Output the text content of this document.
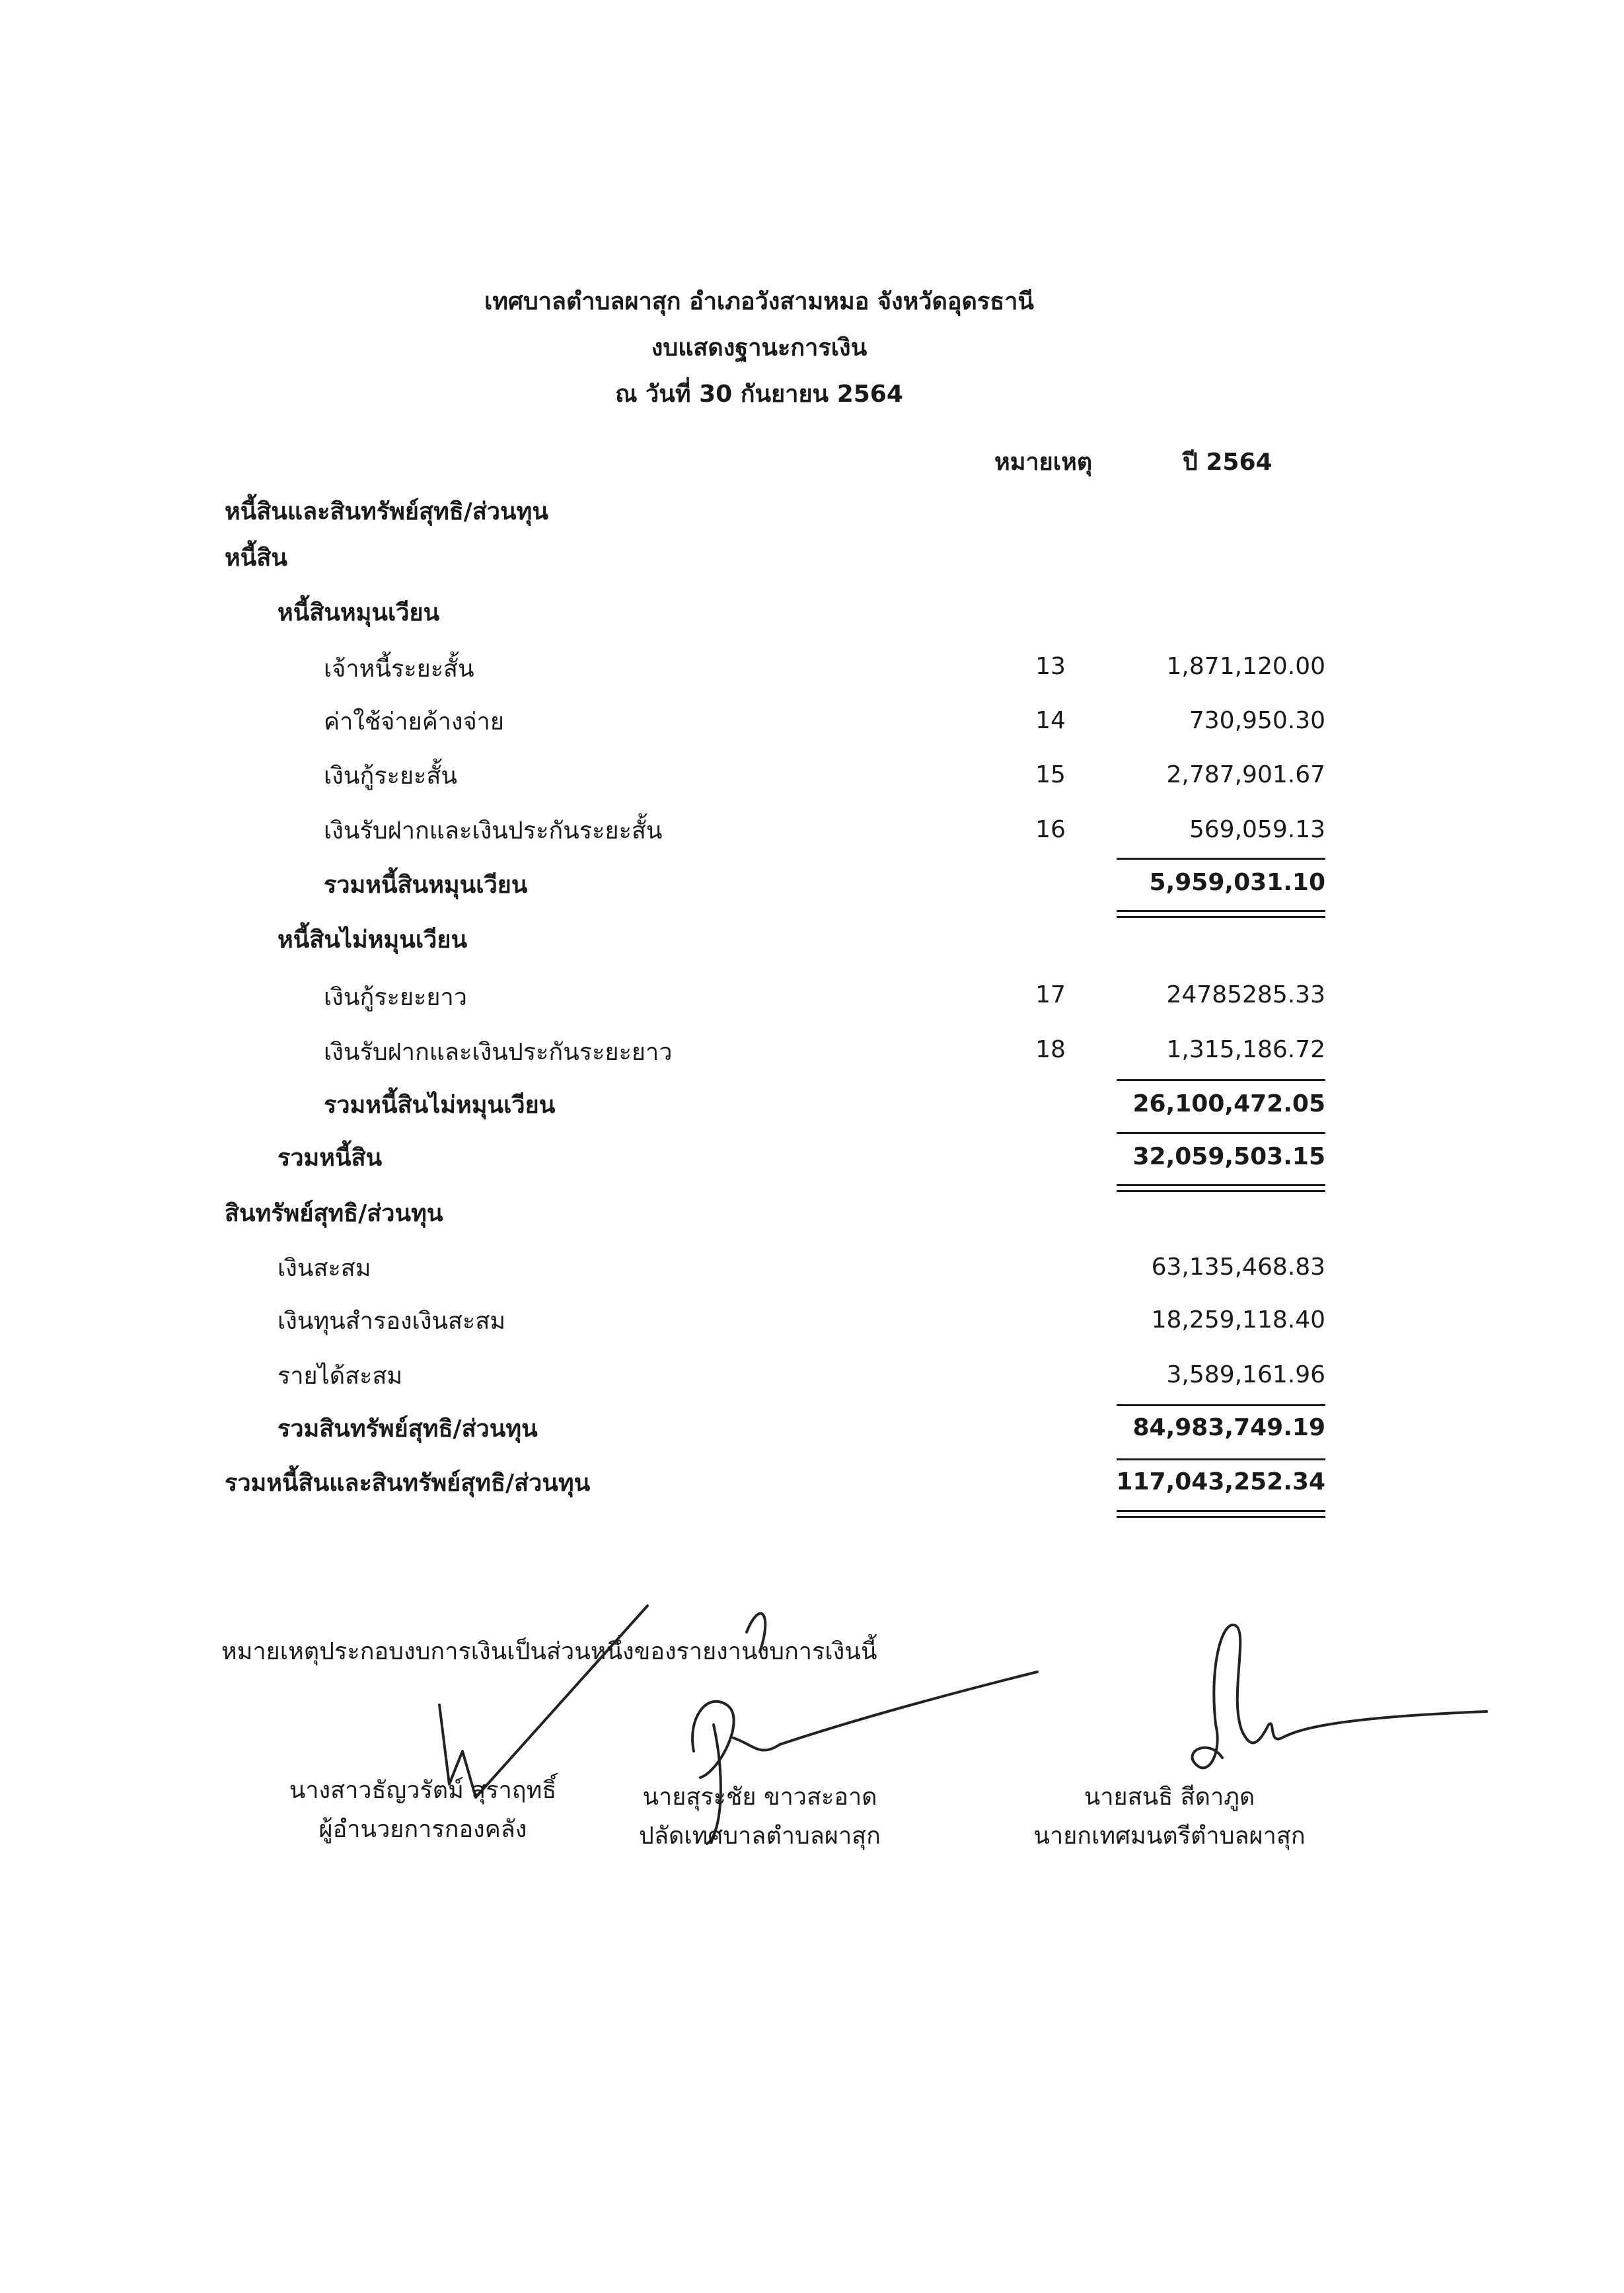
เทศบาลตำบลผาสุก อำเภอวังสามหมอ จังหวัดอุดรธานี
งบแสดงฐานะการเงิน
ณ วันที่ 30 กันยายน 2564
หมายเหตุ	ปี 2564
หนี้สินและสินทรัพย์สุทธิ/ส่วนทุน
หนี้สิน
หนี้สินหมุนเวียน
เจ้าหนี้ระยะสั้น	13	1,871,120.00
ค่าใช้จ่ายค้างจ่าย	14	730,950.30
เงินกู้ระยะสั้น	15	2,787,901.67
เงินรับฝากและเงินประกันระยะสั้น	16	569,059.13
รวมหนี้สินหมุนเวียน	5,959,031.10
หนี้สินไม่หมุนเวียน
เงินกู้ระยะยาว	17	24785285.33
เงินรับฝากและเงินประกันระยะยาว	18	1,315,186.72
รวมหนี้สินไม่หมุนเวียน	26,100,472.05
รวมหนี้สิน	32,059,503.15
สินทรัพย์สุทธิ/ส่วนทุน
เงินสะสม	63,135,468.83
เงินทุนสำรองเงินสะสม	18,259,118.40
รายได้สะสม	3,589,161.96
รวมสินทรัพย์สุทธิ/ส่วนทุน	84,983,749.19
รวมหนี้สินและสินทรัพย์สุทธิ/ส่วนทุน	117,043,252.34
หมายเหตุประกอบงบการเงินเป็นส่วนหนึ่งของรายงานงบการเงินนี้
นางสาวธัญวรัตม์ สุราฤทธิ์
ผู้อำนวยการกองคลัง
นายสุระชัย ขาวสะอาด
ปลัดเทศบาลตำบลผาสุก
นายสนธิ สีดาภูด
นายกเทศมนตรีตำบลผาสุก
